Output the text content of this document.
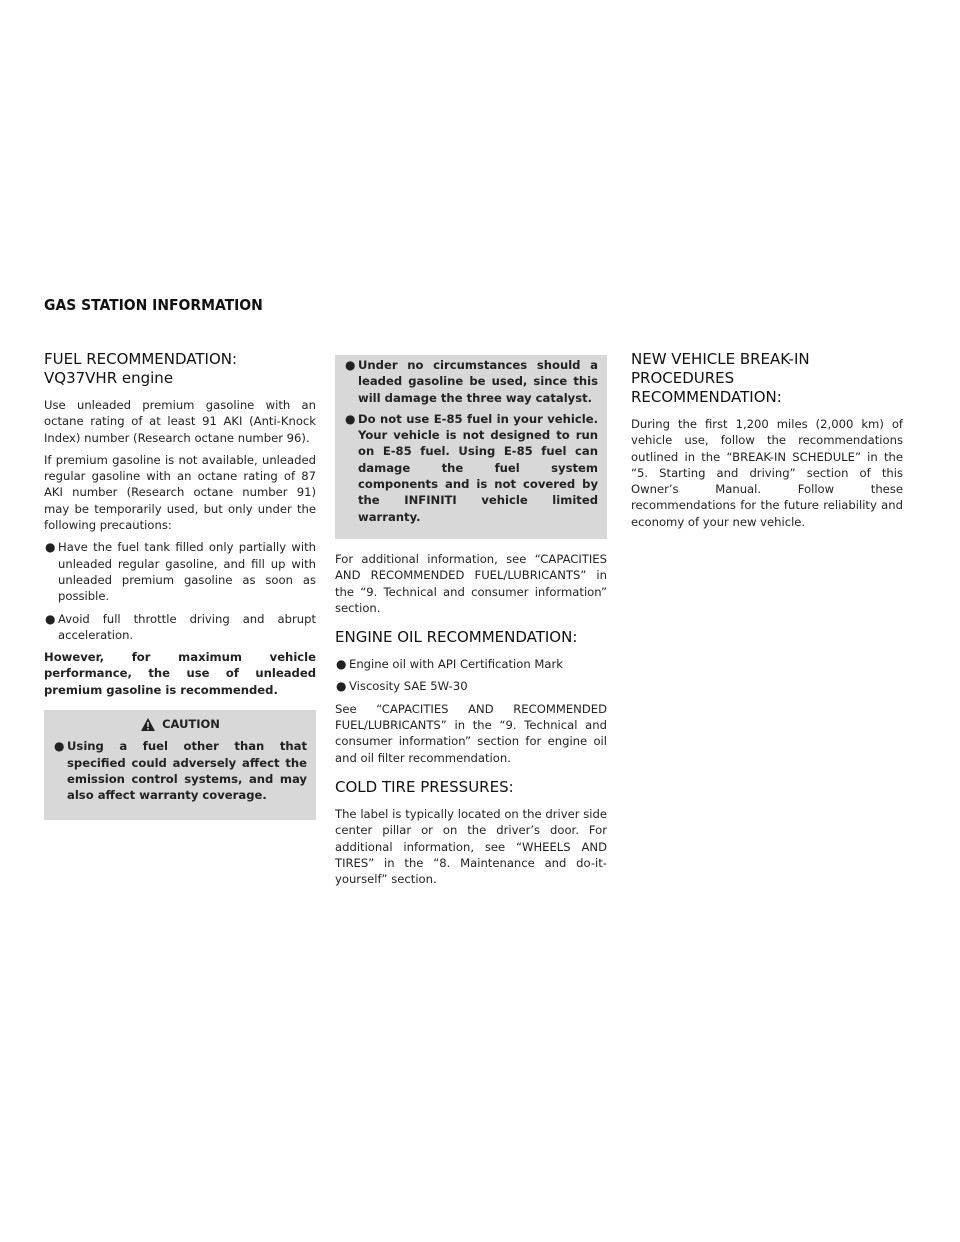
GAS STATION INFORMATION
FUEL RECOMMENDATION:
VQ37VHR engine

Use unleaded premium gasoline with an octane rating of at least 91 AKI (Anti-Knock Index) number (Research octane number 96).

If premium gasoline is not available, unleaded regular gasoline with an octane rating of 87 AKI number (Research octane number 91) may be temporarily used, but only under the following precautions:

● Have the fuel tank filled only partially with unleaded regular gasoline, and fill up with unleaded premium gasoline as soon as possible.
● Avoid full throttle driving and abrupt acceleration.

However, for maximum vehicle performance, the use of unleaded premium gasoline is recommended.

CAUTION
● Using a fuel other than that specified could adversely affect the emission control systems, and may also affect warranty coverage.
● Under no circumstances should a leaded gasoline be used, since this will damage the three way catalyst.
● Do not use E-85 fuel in your vehicle. Your vehicle is not designed to run on E-85 fuel. Using E-85 fuel can damage the fuel system components and is not covered by the INFINITI vehicle limited warranty.

For additional information, see “CAPACITIES AND RECOMMENDED FUEL/LUBRICANTS” in the “9. Technical and consumer information” section.

ENGINE OIL RECOMMENDATION:
● Engine oil with API Certification Mark
● Viscosity SAE 5W-30

See “CAPACITIES AND RECOMMENDED FUEL/LUBRICANTS” in the “9. Technical and consumer information” section for engine oil and oil filter recommendation.

COLD TIRE PRESSURES:

The label is typically located on the driver side center pillar or on the driver’s door. For additional information, see “WHEELS AND TIRES” in the “8. Maintenance and do-it-yourself” section.

NEW VEHICLE BREAK-IN PROCEDURES
RECOMMENDATION:

During the first 1,200 miles (2,000 km) of vehicle use, follow the recommendations outlined in the “BREAK-IN SCHEDULE” in the “5. Starting and driving” section of this Owner’s Manual. Follow these recommendations for the future reliability and economy of your new vehicle.
